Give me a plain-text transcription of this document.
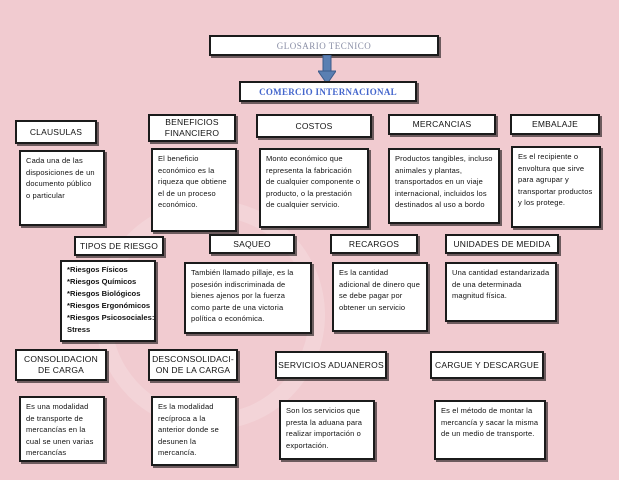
GLOSARIO TECNICO
COMERCIO INTERNACIONAL
CLAUSULAS
BENEFICIOS FINANCIERO
COSTOS	MERCANCIAS	EMBALAJE
Cada una de las disposiciones de un documento público o particular
El beneficio económico es la riqueza que obtiene el de un proceso económico.
Monto económico que representa la fabricación de cualquier componente o producto, o la prestación de cualquier servicio.
Productos tangibles, incluso animales y plantas, transportados en un viaje internacional, incluidos los destinados al uso a bordo
Es el recipiente o envoltura que sirve para agrupar y transportar productos y los protege.
TIPOS DE RIESGO	SAQUEO	RECARGOS	UNIDADES DE MEDIDA
*Riesgos Físicos
*Riesgos Químicos
*Riesgos Biológicos
*Riesgos Ergonómicos
*Riesgos Psicosociales:
Stress
También llamado pillaje, es la posesión indiscriminada de bienes ajenos por la fuerza como parte de una victoria política o económica.
Es la cantidad adicional de dinero que se debe pagar por obtener un servicio
Una cantidad estandarizada de una determinada magnitud física.
CONSOLIDACION DE CARGA
DESCONSOLIDACI-ON DE LA CARGA
SERVICIOS ADUANEROS	CARGUE Y DESCARGUE
Es una modalidad de transporte de mercancías en la cual se unen varias mercancías
Es la modalidad recíproca a la anterior donde se desunen la mercancía.
Son los servicios que presta la aduana para realizar importación o exportación.
Es el método de montar la mercancía y sacar la misma de un medio de transporte.
